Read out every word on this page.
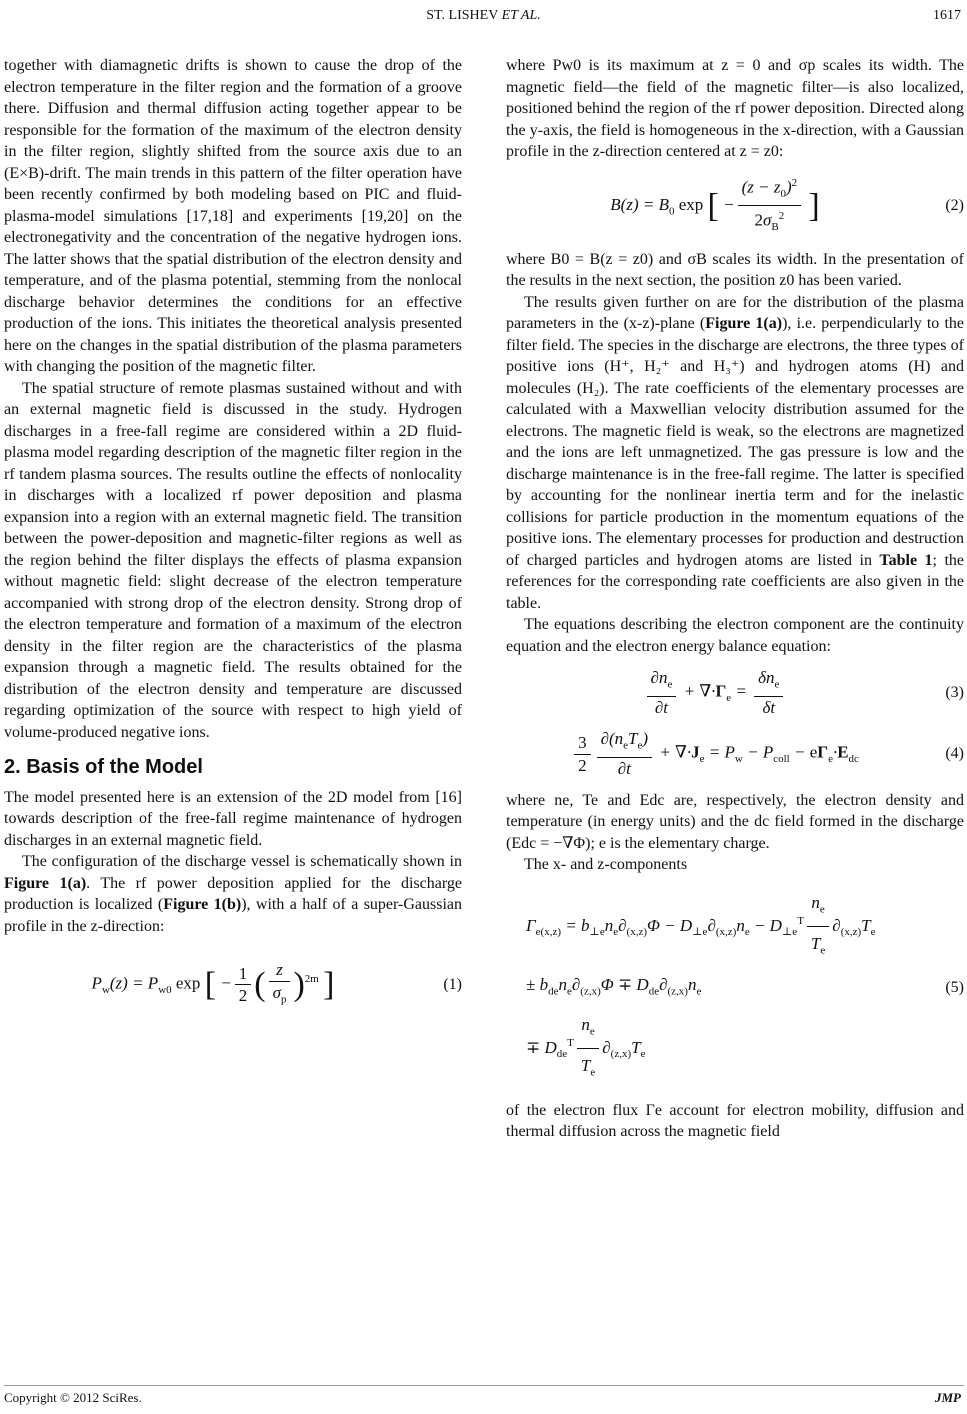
ST. LISHEV ET AL.	1617

together with diamagnetic drifts is shown to cause the drop of the electron temperature in the filter region and the formation of a groove there. Diffusion and thermal diffusion acting together appear to be responsible for the formation of the maximum of the electron density in the filter region, slightly shifted from the source axis due to an (E×B)-drift. The main trends in this pattern of the filter operation have been recently confirmed by both modeling based on PIC and fluid-plasma-model simulations [17,18] and experiments [19,20] on the electronegativity and the concentration of the negative hydrogen ions. The latter shows that the spatial distribution of the electron density and temperature, and of the plasma potential, stemming from the nonlocal discharge behavior determines the conditions for an effective production of the ions. This initiates the theoretical analysis presented here on the changes in the spatial distribution of the plasma parameters with changing the position of the magnetic filter.

The spatial structure of remote plasmas sustained without and with an external magnetic field is discussed in the study. Hydrogen discharges in a free-fall regime are considered within a 2D fluid-plasma model regarding description of the magnetic filter region in the rf tandem plasma sources. The results outline the effects of nonlocality in discharges with a localized rf power deposition and plasma expansion into a region with an external magnetic field. The transition between the power-deposition and magnetic-filter regions as well as the region behind the filter displays the effects of plasma expansion without magnetic field: slight decrease of the electron temperature accompanied with strong drop of the electron density. Strong drop of the electron temperature and formation of a maximum of the electron density in the filter region are the characteristics of the plasma expansion through a magnetic field. The results obtained for the distribution of the electron density and temperature are discussed regarding optimization of the source with respect to high yield of volume-produced negative ions.

2. Basis of the Model

The model presented here is an extension of the 2D model from [16] towards description of the free-fall regime maintenance of hydrogen discharges in an external magnetic field.

The configuration of the discharge vessel is schematically shown in Figure 1(a). The rf power deposition applied for the discharge production is localized (Figure 1(b)), with a half of a super-Gaussian profile in the z-direction:

$P_w(z) = P_{w0}$ exp [ − $\frac{1}{2}$ ( $\frac{z}{\sigma_p} )^{2m}$ ]	(1)

where Pw0 is its maximum at z = 0 and σp scales its width. The magnetic field—the field of the magnetic filter—is also localized, positioned behind the region of the rf power deposition. Directed along the y-axis, the field is homogeneous in the x-direction, with a Gaussian profile in the z-direction centered at z = z0:

$B(z) = B_0$ exp [ − $\frac{(z - z_0)^2}{2\sigma_B^2}$ ]	(2)

where B0 = B(z = z0) and σB scales its width. In the presentation of the results in the next section, the position z0 has been varied.

The results given further on are for the distribution of the plasma parameters in the (x-z)-plane (Figure 1(a)), i.e. perpendicularly to the filter field. The species in the discharge are electrons, the three types of positive ions (H⁺, H₂⁺ and H₃⁺) and hydrogen atoms (H) and molecules (H₂). The rate coefficients of the elementary processes are calculated with a Maxwellian velocity distribution assumed for the electrons. The magnetic field is weak, so the electrons are magnetized and the ions are left unmagnetized. The gas pressure is low and the discharge maintenance is in the free-fall regime. The latter is specified by accounting for the nonlinear inertia term and for the inelastic collisions for particle production in the momentum equations of the positive ions. The elementary processes for production and destruction of charged particles and hydrogen atoms are listed in Table 1; the references for the corresponding rate coefficients are also given in the table.

The equations describing the electron component are the continuity equation and the electron energy balance equation:

$\frac{\partial n_e}{\partial t} + \nabla\cdot\Gamma_e = \frac{\delta n_e}{\delta t}$	(3)
$\frac{3}{2} \frac{\partial(n_eT_e)}{\partial t} + \nabla\cdot J_e = P_w - P_{coll} - e\Gamma_e\cdot E_{dc}$	(4)

where ne, Te and Edc are, respectively, the electron density and temperature (in energy units) and the dc field formed in the discharge (Edc = −∇Φ); e is the elementary charge.

The x- and z-components

$\Gamma_{e(x,z)} = b_{\perp e}n_e\partial_{(x,z)}\Phi - D_{\perp e}\partial_{(x,z)}n_e - D_{\perp e}^T \frac{n_e}{T_e} \partial_{(x,z)}T_e$
± $b_{de}n_e\partial_{(z,x)}\Phi \mp D_{de}\partial_{(z,x)}n_e$
∓ $D_{de}^T \frac{n_e}{T_e} \partial_{(z,x)}T_e$
(5)

of the electron flux Γe account for electron mobility, diffusion and thermal diffusion across the magnetic field

Copyright © 2012 SciRes.	JMP
